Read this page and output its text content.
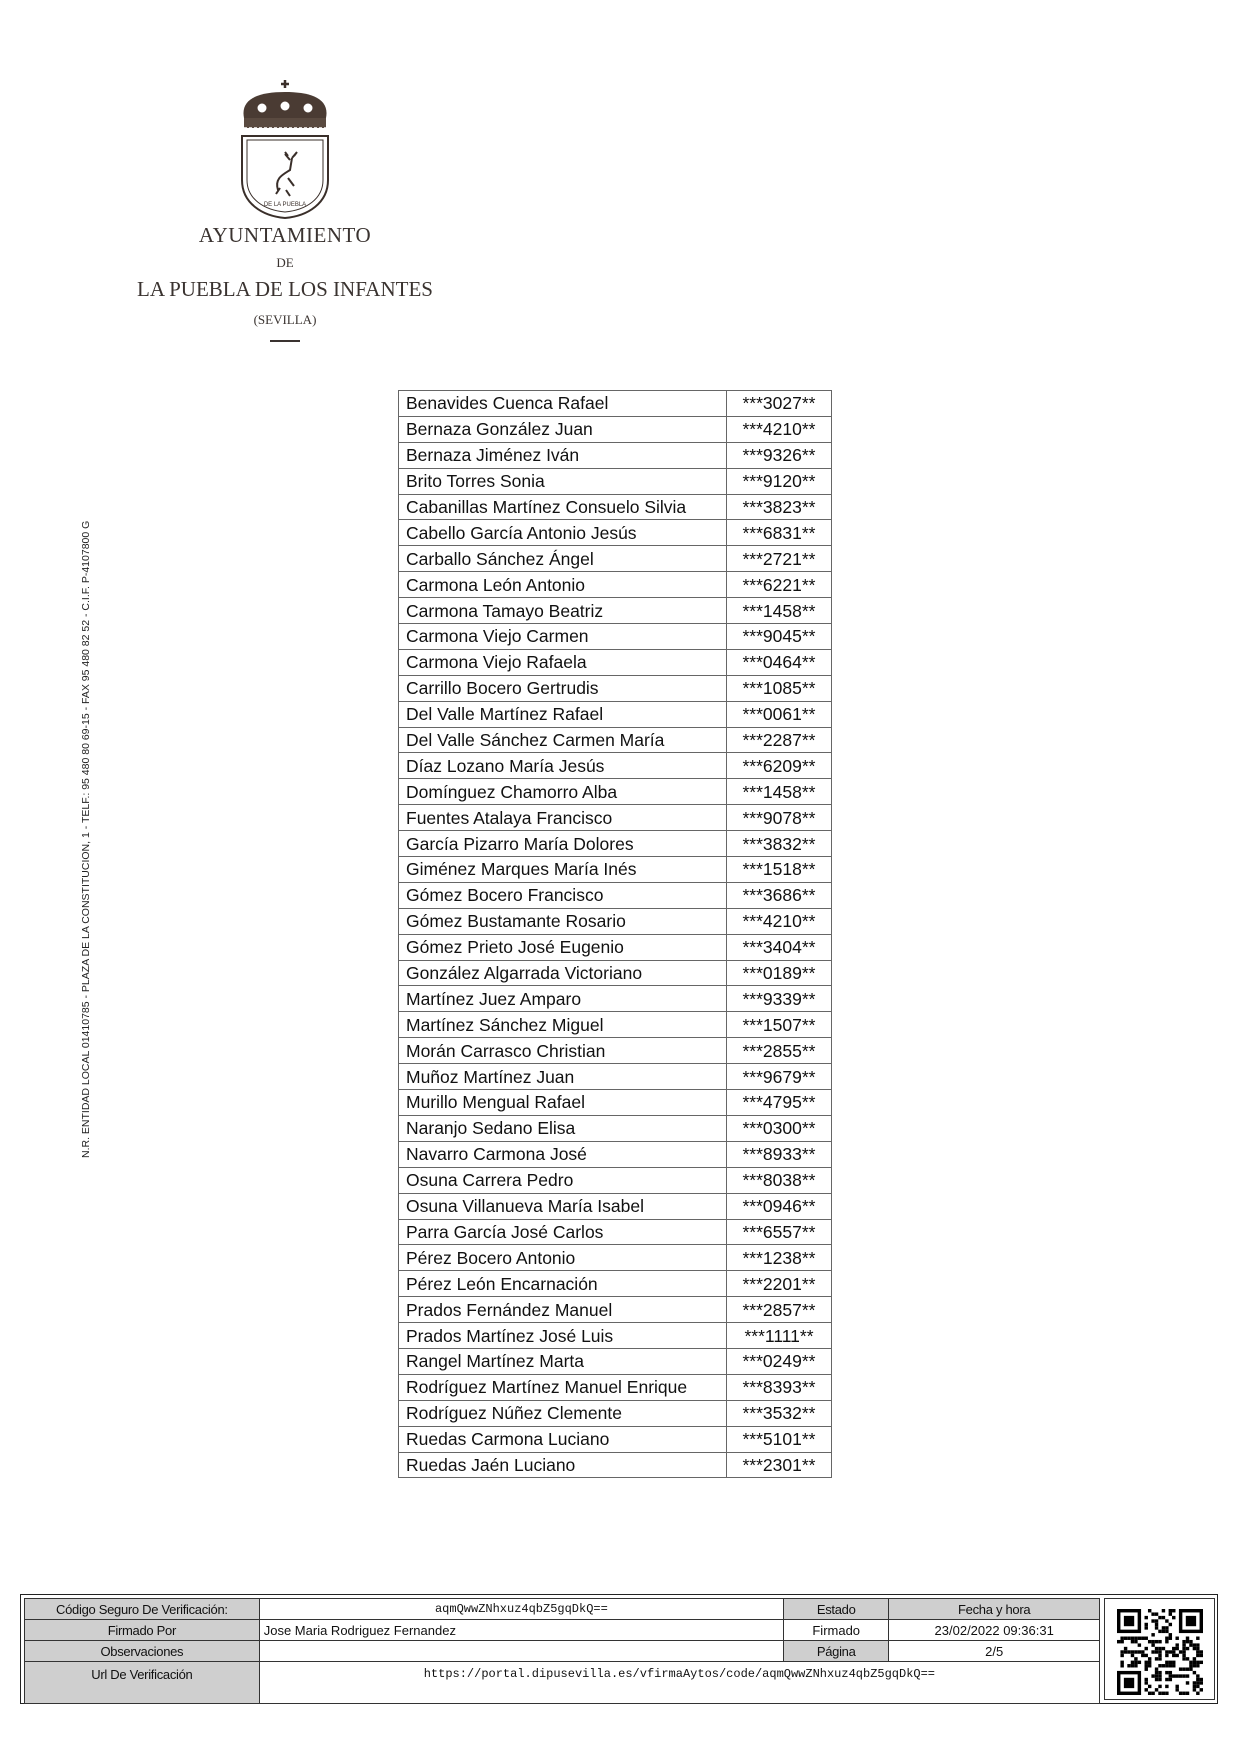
DE LA PUEBLA
AYUNTAMIENTO
DE
LA PUEBLA DE LOS INFANTES
(SEVILLA)
N.R. ENTIDAD LOCAL 01410785 - PLAZA DE LA CONSTITUCION, 1 - TELF.: 95 480 80 69-15 - FAX 95 480 82 52 - C.I.F. P-4107800 G
Benavides Cuenca Rafael	***3027**
Bernaza González Juan	***4210**
Bernaza Jiménez Iván	***9326**
Brito Torres Sonia	***9120**
Cabanillas Martínez Consuelo Silvia	***3823**
Cabello García Antonio Jesús	***6831**
Carballo Sánchez Ángel	***2721**
Carmona León Antonio	***6221**
Carmona Tamayo Beatriz	***1458**
Carmona Viejo Carmen	***9045**
Carmona Viejo Rafaela	***0464**
Carrillo Bocero Gertrudis	***1085**
Del Valle Martínez Rafael	***0061**
Del Valle Sánchez Carmen María	***2287**
Díaz Lozano María Jesús	***6209**
Domínguez Chamorro Alba	***1458**
Fuentes Atalaya Francisco	***9078**
García Pizarro María Dolores	***3832**
Giménez Marques María Inés	***1518**
Gómez Bocero Francisco	***3686**
Gómez Bustamante Rosario	***4210**
Gómez Prieto José Eugenio	***3404**
González Algarrada Victoriano	***0189**
Martínez Juez Amparo	***9339**
Martínez Sánchez Miguel	***1507**
Morán Carrasco Christian	***2855**
Muñoz Martínez Juan	***9679**
Murillo Mengual Rafael	***4795**
Naranjo Sedano Elisa	***0300**
Navarro Carmona José	***8933**
Osuna Carrera Pedro	***8038**
Osuna Villanueva María Isabel	***0946**
Parra García José Carlos	***6557**
Pérez Bocero Antonio	***1238**
Pérez León Encarnación	***2201**
Prados Fernández Manuel	***2857**
Prados Martínez José Luis	***1111**
Rangel Martínez Marta	***0249**
Rodríguez Martínez Manuel Enrique	***8393**
Rodríguez Núñez Clemente	***3532**
Ruedas Carmona Luciano	***5101**
Ruedas Jaén Luciano	***2301**
Código Seguro De Verificación:	aqmQwwZNhxuz4qbZ5gqDkQ==	Estado	Fecha y hora
Firmado Por	Jose Maria Rodriguez Fernandez	Firmado	23/02/2022 09:36:31
Observaciones		Página	2/5
Url De Verificación	https://portal.dipusevilla.es/vfirmaAytos/code/aqmQwwZNhxuz4qbZ5gqDkQ==		
